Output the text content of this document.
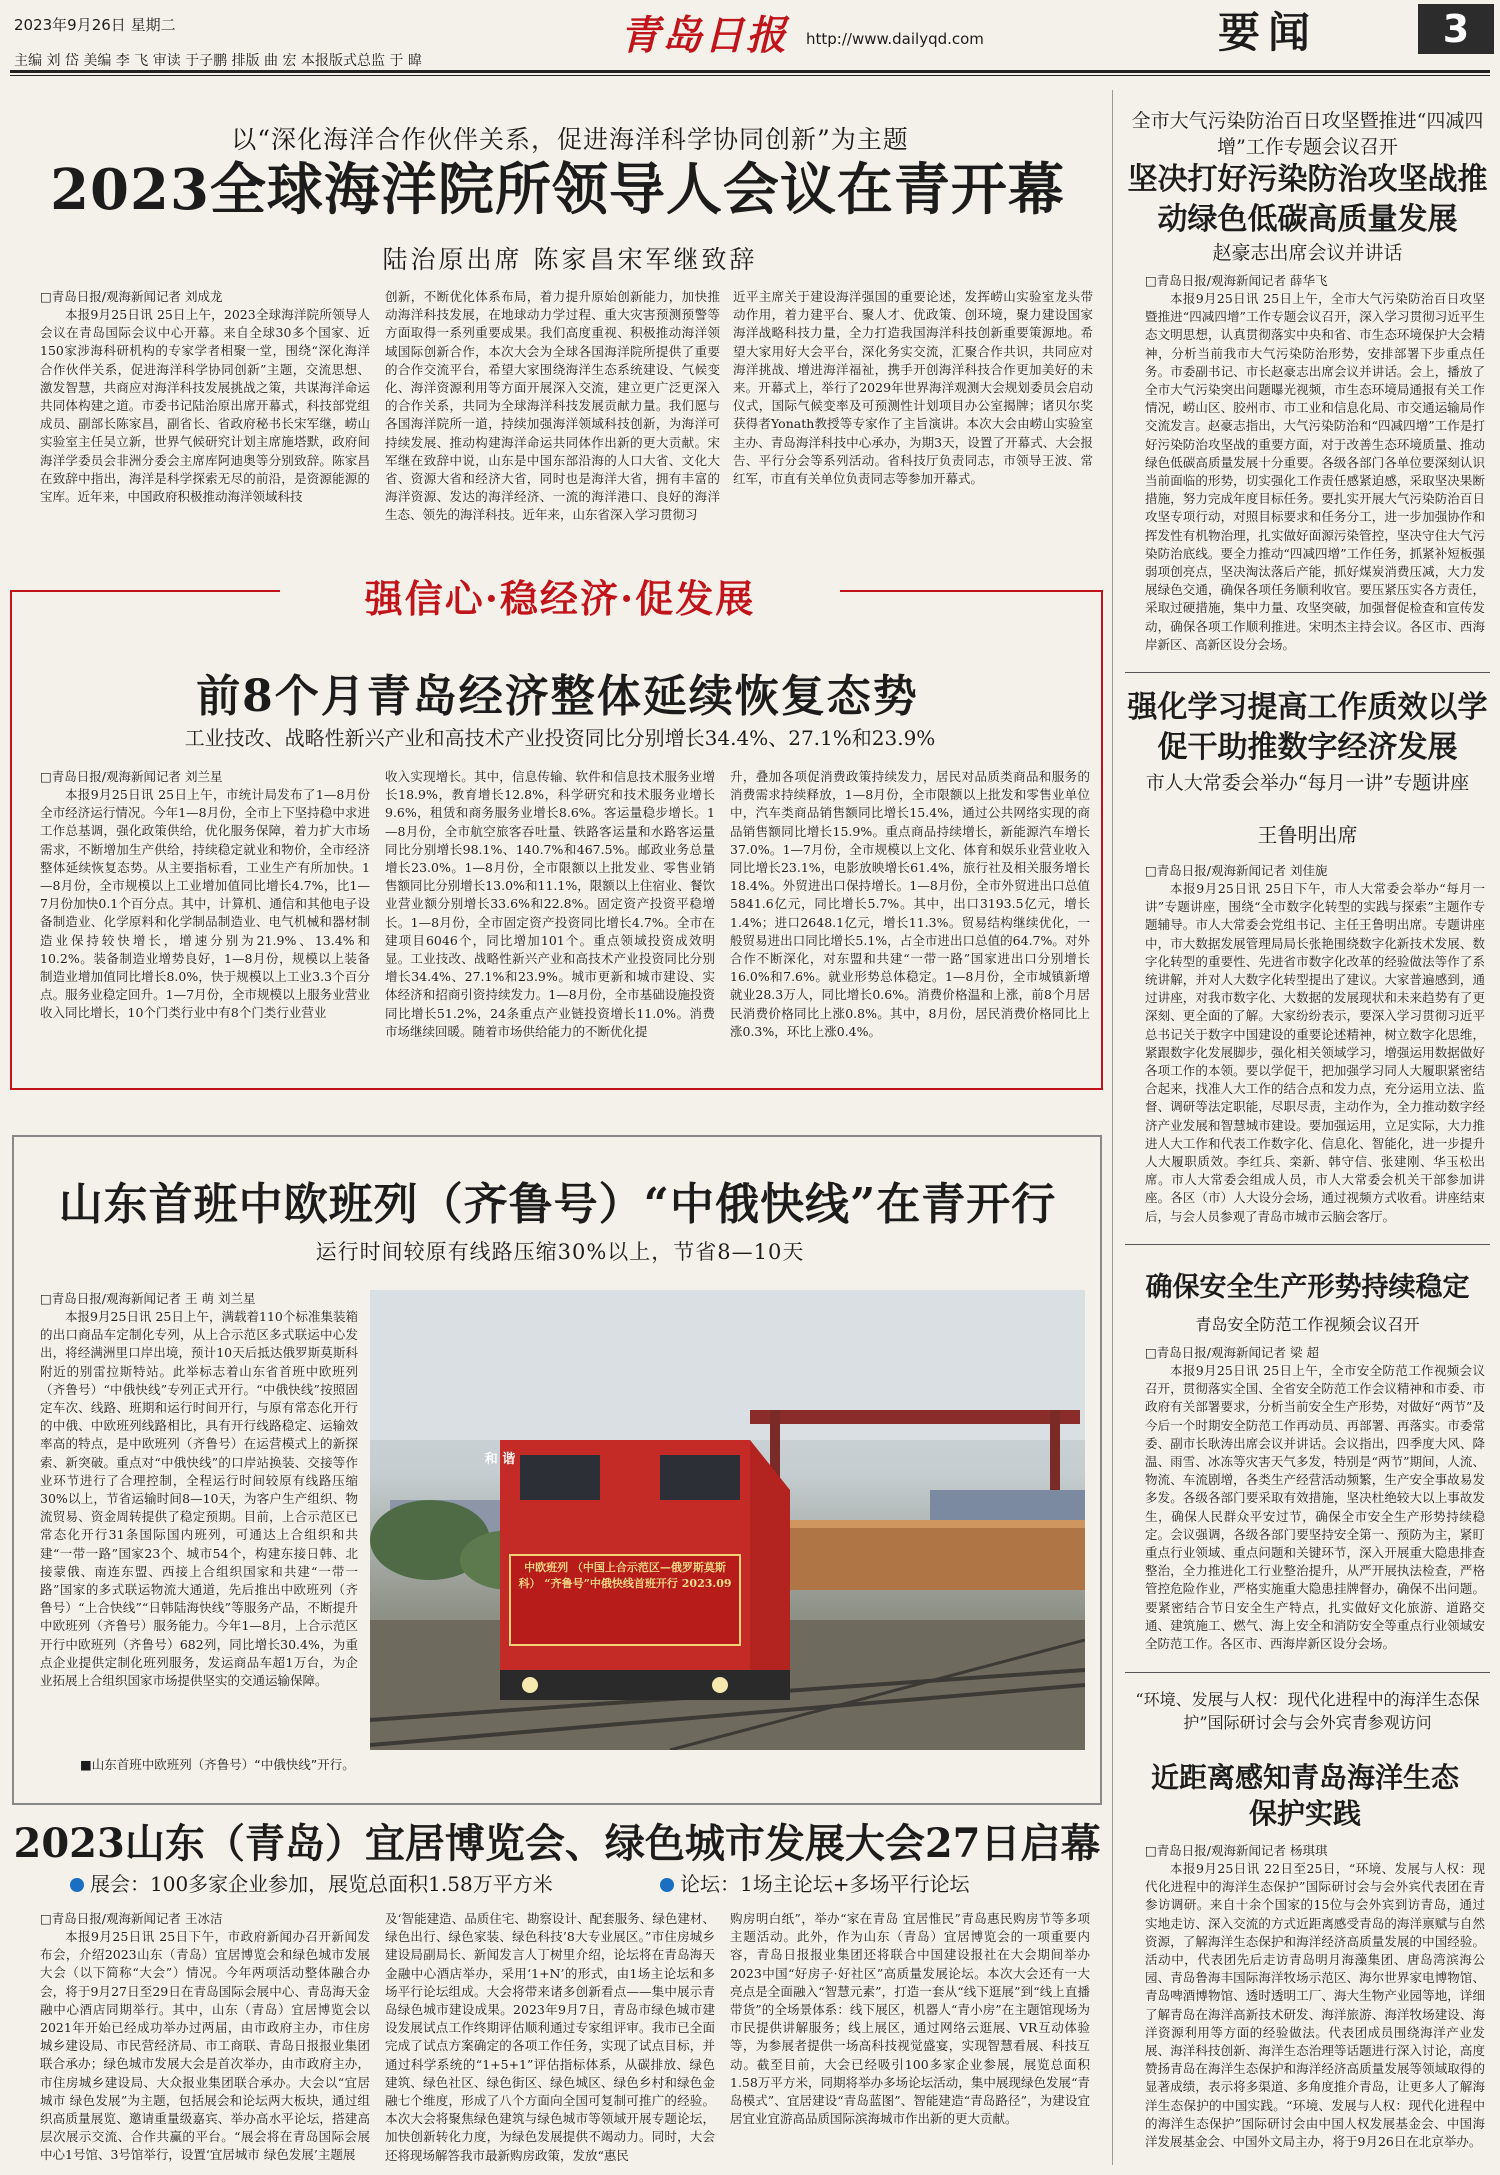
2023年9月26日 星期二
主编 刘 岱 美编 李 飞 审读 于子鹏 排版 曲 宏 本报版式总监 于 暐
青岛日报 http://www.dailyqd.com	要闻	3
以“深化海洋合作伙伴关系，促进海洋科学协同创新”为主题
2023全球海洋院所领导人会议在青开幕
陆治原出席 陈家昌宋军继致辞
□青岛日报/观海新闻记者 刘成龙
本报9月25日讯 25日上午，2023全球海洋院所领导人会议在青岛国际会议中心开幕。来自全球30多个国家、近150家涉海科研机构的专家学者相聚一堂，围绕“深化海洋合作伙伴关系，促进海洋科学协同创新”主题，交流思想、激发智慧，共商应对海洋科技发展挑战之策，共谋海洋命运共同体构建之道。市委书记陆治原出席开幕式，科技部党组成员、副部长陈家昌，副省长、省政府秘书长宋军继，崂山实验室主任吴立新，世界气候研究计划主席施塔默，政府间海洋学委员会非洲分委会主席库阿迪奥等分别致辞。陈家昌在致辞中指出，海洋是科学探索无尽的前沿，是资源能源的宝库。近年来，中国政府积极推动海洋领域科技
创新，不断优化体系布局，着力提升原始创新能力，加快推动海洋科技发展，在地球动力学过程、重大灾害预测预警等方面取得一系列重要成果。我们高度重视、积极推动海洋领域国际创新合作，本次大会为全球各国海洋院所提供了重要的合作交流平台，希望大家围绕海洋生态系统建设、气候变化、海洋资源利用等方面开展深入交流，建立更广泛更深入的合作关系，共同为全球海洋科技发展贡献力量。我们愿与各国海洋院所一道，持续加强海洋领域科技创新，为海洋可持续发展、推动构建海洋命运共同体作出新的更大贡献。宋军继在致辞中说，山东是中国东部沿海的人口大省、文化大省、资源大省和经济大省，同时也是海洋大省，拥有丰富的海洋资源、发达的海洋经济、一流的海洋港口、良好的海洋生态、领先的海洋科技。近年来，山东省深入学习贯彻习
近平主席关于建设海洋强国的重要论述，发挥崂山实验室龙头带动作用，着力建平台、聚人才、优政策、创环境，聚力建设国家海洋战略科技力量，全力打造我国海洋科技创新重要策源地。希望大家用好大会平台，深化务实交流，汇聚合作共识，共同应对海洋挑战、增进海洋福祉，携手开创海洋科技合作更加美好的未来。开幕式上，举行了2029年世界海洋观测大会规划委员会启动仪式，国际气候变率及可预测性计划项目办公室揭牌；诸贝尔奖获得者Yonath教授等专家作了主旨演讲。本次大会由崂山实验室主办、青岛海洋科技中心承办，为期3天，设置了开幕式、大会报告、平行分会等系列活动。省科技厅负责同志，市领导王波、常红军，市直有关单位负责同志等参加开幕式。
强信心·稳经济·促发展
前8个月青岛经济整体延续恢复态势
工业技改、战略性新兴产业和高技术产业投资同比分别增长34.4%、27.1%和23.9%
□青岛日报/观海新闻记者 刘兰星
本报9月25日讯 25日上午，市统计局发布了1—8月份全市经济运行情况。今年1—8月份，全市上下坚持稳中求进工作总基调，强化政策供给，优化服务保障，着力扩大市场需求，不断增加生产供给，持续稳定就业和物价，全市经济整体延续恢复态势。从主要指标看，工业生产有所加快。1—8月份，全市规模以上工业增加值同比增长4.7%，比1—7月份加快0.1个百分点。其中，计算机、通信和其他电子设备制造业、化学原料和化学制品制造业、电气机械和器材制造业保持较快增长，增速分别为21.9%、13.4%和10.2%。装备制造业增势良好，1—8月份，规模以上装备制造业增加值同比增长8.0%，快于规模以上工业3.3个百分点。服务业稳定回升。1—7月份，全市规模以上服务业营业收入同比增长，10个门类行业中有8个门类行业营业
收入实现增长。其中，信息传输、软件和信息技术服务业增长18.9%，教育增长12.8%，科学研究和技术服务业增长9.6%，租赁和商务服务业增长8.6%。客运量稳步增长。1—8月份，全市航空旅客吞吐量、铁路客运量和水路客运量同比分别增长98.1%、140.7%和467.5%。邮政业务总量增长23.0%。1—8月份，全市限额以上批发业、零售业销售额同比分别增长13.0%和11.1%，限额以上住宿业、餐饮业营业额分别增长33.6%和22.8%。固定资产投资平稳增长。1—8月份，全市固定资产投资同比增长4.7%。全市在建项目6046个，同比增加101个。重点领域投资成效明显。工业技改、战略性新兴产业和高技术产业投资同比分别增长34.4%、27.1%和23.9%。城市更新和城市建设、实体经济和招商引资持续发力。1—8月份，全市基础设施投资同比增长51.2%，24条重点产业链投资增长11.0%。消费市场继续回暖。随着市场供给能力的不断优化提
升，叠加各项促消费政策持续发力，居民对品质类商品和服务的消费需求持续释放，1—8月份，全市限额以上批发和零售业单位中，汽车类商品销售额同比增长15.4%，通过公共网络实现的商品销售额同比增长15.9%。重点商品持续增长，新能源汽车增长37.0%。1—7月份，全市规模以上文化、体育和娱乐业营业收入同比增长23.1%，电影放映增长61.4%，旅行社及相关服务增长18.4%。外贸进出口保持增长。1—8月份，全市外贸进出口总值5841.6亿元，同比增长5.7%。其中，出口3193.5亿元，增长1.4%；进口2648.1亿元，增长11.3%。贸易结构继续优化，一般贸易进出口同比增长5.1%，占全市进出口总值的64.7%。对外合作不断深化，对东盟和共建“一带一路”国家进出口分别增长16.0%和7.6%。就业形势总体稳定。1—8月份，全市城镇新增就业28.3万人，同比增长0.6%。消费价格温和上涨，前8个月居民消费价格同比上涨0.8%。其中，8月份，居民消费价格同比上涨0.3%，环比上涨0.4%。
山东首班中欧班列（齐鲁号）“中俄快线”在青开行
运行时间较原有线路压缩30%以上，节省8—10天
□青岛日报/观海新闻记者 王 萌 刘兰星
本报9月25日讯 25日上午，满载着110个标准集装箱的出口商品车定制化专列，从上合示范区多式联运中心发出，将经满洲里口岸出境，预计10天后抵达俄罗斯莫斯科附近的别雷拉斯特站。此举标志着山东省首班中欧班列（齐鲁号）“中俄快线”专列正式开行。“中俄快线”按照固定车次、线路、班期和运行时间开行，与原有常态化开行的中俄、中欧班列线路相比，具有开行线路稳定、运输效率高的特点，是中欧班列（齐鲁号）在运营模式上的新探索、新突破。重点对“中俄快线”的口岸站换装、交接等作业环节进行了合理控制，全程运行时间较原有线路压缩30%以上，节省运输时间8—10天，为客户生产组织、物流贸易、资金周转提供了稳定预期。目前，上合示范区已常态化开行31条国际国内班列，可通达上合组织和共建“一带一路”国家23个、城市54个，构建东接日韩、北接蒙俄、南连东盟、西接上合组织国家和共建“一带一路”国家的多式联运物流大通道，先后推出中欧班列（齐鲁号）“上合快线”“日韩陆海快线”等服务产品，不断提升中欧班列（齐鲁号）服务能力。今年1—8月，上合示范区开行中欧班列（齐鲁号）682列，同比增长30.4%，为重点企业提供定制化班列服务，发运商品车超1万台，为企业拓展上合组织国家市场提供坚实的交通运输保障。
和 谐
中欧班列 （中国上合示范区—俄罗斯莫斯科） “齐鲁号”中俄快线首班开行 2023.09
■山东首班中欧班列（齐鲁号）“中俄快线”开行。
2023山东（青岛）宜居博览会、绿色城市发展大会27日启幕
展会：100多家企业参加，展览总面积1.58万平方米	论坛：1场主论坛+多场平行论坛
□青岛日报/观海新闻记者 王冰洁
本报9月25日讯 25日下午，市政府新闻办召开新闻发布会，介绍2023山东（青岛）宜居博览会和绿色城市发展大会（以下简称“大会”）情况。今年两项活动整体融合办会，将于9月27日至29日在青岛国际会展中心、青岛海天金融中心酒店同期举行。其中，山东（青岛）宜居博览会以2021年开始已经成功举办过两届，由市政府主办，市住房城乡建设局、市民营经济局、市工商联、青岛日报报业集团联合承办；绿色城市发展大会是首次举办，由市政府主办，市住房城乡建设局、大众报业集团联合承办。大会以“宜居城市 绿色发展”为主题，包括展会和论坛两大板块，通过组织高质量展览、邀请重量级嘉宾、举办高水平论坛，搭建高层次展示交流、合作共赢的平台。“展会将在青岛国际会展中心1号馆、3号馆举行，设置‘宜居城市 绿色发展’主题展
及‘智能建造、品质住宅、勘察设计、配套服务、绿色建材、绿色出行、绿色家装、绿色科技’8大专业展区。”市住房城乡建设局副局长、新闻发言人丁树里介绍，论坛将在青岛海天金融中心酒店举办，采用‘1+N’的形式，由1场主论坛和多场平行论坛组成。大会将带来诸多创新看点——集中展示青岛绿色城市建设成果。2023年9月7日，青岛市绿色城市建设发展试点工作终期评估顺利通过专家组评审。我市已全面完成了试点方案确定的各项工作任务，实现了试点目标，并通过科学系统的“1+5+1”评估指标体系，从碳排放、绿色建筑、绿色社区、绿色街区、绿色城区、绿色乡村和绿色金融七个维度，形成了八个方面向全国可复制可推广的经验。本次大会将聚焦绿色建筑与绿色城市等领域开展专题论坛，加快创新转化力度，为绿色发展提供不竭动力。同时，大会还将现场解答我市最新购房政策，发放“惠民
购房明白纸”，举办“家在青岛 宜居惟民”青岛惠民购房节等多项主题活动。此外，作为山东（青岛）宜居博览会的一项重要内容，青岛日报报业集团还将联合中国建设报社在大会期间举办2023中国“好房子·好社区”高质量发展论坛。本次大会还有一大亮点是全面融入“智慧元素”，打造一套从“线下逛展”到“线上直播带货”的全场景体系：线下展区，机器人“青小房”在主题馆现场为市民提供讲解服务；线上展区，通过网络云逛展、VR互动体验等，为参展者提供一场高科技视觉盛宴，实现智慧看展、科技互动。截至目前，大会已经吸引100多家企业参展，展览总面积1.58万平方米，同期将举办多场论坛活动，集中展现绿色发展“青岛模式”、宜居建设“青岛蓝图”、智能建造“青岛路径”，为建设宜居宜业宜游高品质国际滨海城市作出新的更大贡献。
全市大气污染防治百日攻坚暨推进“四减四增”工作专题会议召开
坚决打好污染防治攻坚战推动绿色低碳高质量发展
赵豪志出席会议并讲话
□青岛日报/观海新闻记者 薛华飞
本报9月25日讯 25日上午，全市大气污染防治百日攻坚暨推进“四减四增”工作专题会议召开，深入学习贯彻习近平生态文明思想，认真贯彻落实中央和省、市生态环境保护大会精神，分析当前我市大气污染防治形势，安排部署下步重点任务。市委副书记、市长赵豪志出席会议并讲话。会上，播放了全市大气污染突出问题曝光视频，市生态环境局通报有关工作情况，崂山区、胶州市、市工业和信息化局、市交通运输局作交流发言。赵豪志指出，大气污染防治和“四减四增”工作是打好污染防治攻坚战的重要方面，对于改善生态环境质量、推动绿色低碳高质量发展十分重要。各级各部门各单位要深刻认识当前面临的形势，切实强化工作责任感紧迫感，采取坚决果断措施，努力完成年度目标任务。要扎实开展大气污染防治百日攻坚专项行动，对照目标要求和任务分工，进一步加强协作和挥发性有机物治理，扎实做好面源污染管控，坚决守住大气污染防治底线。要全力推动“四减四增”工作任务，抓紧补短板强弱项创亮点，坚决淘汰落后产能，抓好煤炭消费压减，大力发展绿色交通，确保各项任务顺利收官。要压紧压实各方责任，采取过硬措施，集中力量、攻坚突破，加强督促检查和宣传发动，确保各项工作顺利推进。宋明杰主持会议。各区市、西海岸新区、高新区设分会场。
强化学习提高工作质效以学促干助推数字经济发展
市人大常委会举办“每月一讲”专题讲座
王鲁明出席
□青岛日报/观海新闻记者 刘佳旎
本报9月25日讯 25日下午，市人大常委会举办“每月一讲”专题讲座，围绕“全市数字化转型的实践与探索”主题作专题辅导。市人大常委会党组书记、主任王鲁明出席。专题讲座中，市大数据发展管理局局长张艳围绕数字化新技术发展、数字化转型的重要性、先进省市数字化改革的经验做法等作了系统讲解，并对人大数字化转型提出了建议。大家普遍感到，通过讲座，对我市数字化、大数据的发展现状和未来趋势有了更深刻、更全面的了解。大家纷纷表示，要深入学习贯彻习近平总书记关于数字中国建设的重要论述精神，树立数字化思维，紧跟数字化发展脚步，强化相关领域学习，增强运用数据做好各项工作的本领。要以学促干，把加强学习同人大履职紧密结合起来，找准人大工作的结合点和发力点，充分运用立法、监督、调研等法定职能，尽职尽责，主动作为，全力推动数字经济产业发展和智慧城市建设。要加强运用，立足实际，大力推进人大工作和代表工作数字化、信息化、智能化，进一步提升人大履职质效。李红兵、栾新、韩守信、张建刚、华玉松出席。市人大常委会组成人员，市人大常委会机关干部参加讲座。各区（市）人大设分会场，通过视频方式收看。讲座结束后，与会人员参观了青岛市城市云脑会客厅。
确保安全生产形势持续稳定
青岛安全防范工作视频会议召开
□青岛日报/观海新闻记者 梁 超
本报9月25日讯 25日上午，全市安全防范工作视频会议召开，贯彻落实全国、全省安全防范工作会议精神和市委、市政府有关部署要求，分析当前安全生产形势，对做好“两节”及今后一个时期安全防范工作再动员、再部署、再落实。市委常委、副市长耿涛出席会议并讲话。会议指出，四季度大风、降温、雨雪、冰冻等灾害天气多发，特别是“两节”期间，人流、物流、车流剧增，各类生产经营活动频繁，生产安全事故易发多发。各级各部门要采取有效措施，坚决杜绝较大以上事故发生，确保人民群众平安过节，确保全市安全生产形势持续稳定。会议强调，各级各部门要坚持安全第一、预防为主，紧盯重点行业领域、重点问题和关键环节，深入开展重大隐患排查整治，全力推进化工行业整治提升，从严开展执法检查，严格管控危险作业，严格实施重大隐患挂牌督办，确保不出问题。要紧密结合节日安全生产特点，扎实做好文化旅游、道路交通、建筑施工、燃气、海上安全和消防安全等重点行业领域安全防范工作。各区市、西海岸新区设分会场。
“环境、发展与人权：现代化进程中的海洋生态保护”国际研讨会与会外宾青参观访问
近距离感知青岛海洋生态保护实践
□青岛日报/观海新闻记者 杨琪琪
本报9月25日讯 22日至25日，“环境、发展与人权：现代化进程中的海洋生态保护”国际研讨会与会外宾代表团在青参访调研。来自十余个国家的15位与会外宾到访青岛，通过实地走访、深入交流的方式近距离感受青岛的海洋禀赋与自然资源，了解海洋生态保护和海洋经济高质量发展的中国经验。活动中，代表团先后走访青岛明月海藻集团、唐岛湾滨海公园、青岛鲁海丰国际海洋牧场示范区、海尔世界家电博物馆、青岛啤酒博物馆、透时透明工厂、海大生物产业园等地，详细了解青岛在海洋高新技术研发、海洋旅游、海洋牧场建设、海洋资源利用等方面的经验做法。代表团成员围绕海洋产业发展、海洋科技创新、海洋生态治理等话题进行深入讨论，高度赞扬青岛在海洋生态保护和海洋经济高质量发展等领域取得的显著成绩，表示将多渠道、多角度推介青岛，让更多人了解海洋生态保护的中国实践。“环境、发展与人权：现代化进程中的海洋生态保护”国际研讨会由中国人权发展基金会、中国海洋发展基金会、中国外文局主办，将于9月26日在北京举办。
